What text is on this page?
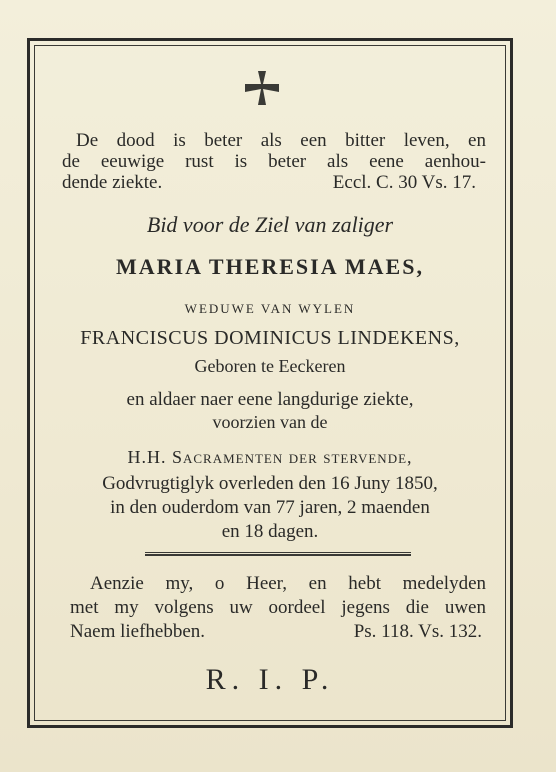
De dood is beter als een bitter leven, en
de eeuwige rust is beter als eene aenhou-
dende ziekte.	Eccl. C. 30 Vs. 17.
Bid voor de Ziel van zaliger
MARIA THERESIA MAES,
WEDUWE VAN WYLEN
FRANCISCUS DOMINICUS LINDEKENS,
Geboren te Eeckeren
en aldaer naer eene langdurige ziekte,
voorzien van de
H.H. Sacramenten der stervende,
Godvrugtiglyk overleden den 16 Juny 1850,
in den ouderdom van 77 jaren, 2 maenden
en 18 dagen.
Aenzie my, o Heer, en hebt medelyden
met my volgens uw oordeel jegens die uwen
Naem liefhebben.	Ps. 118. Vs. 132.
R. I. P.
